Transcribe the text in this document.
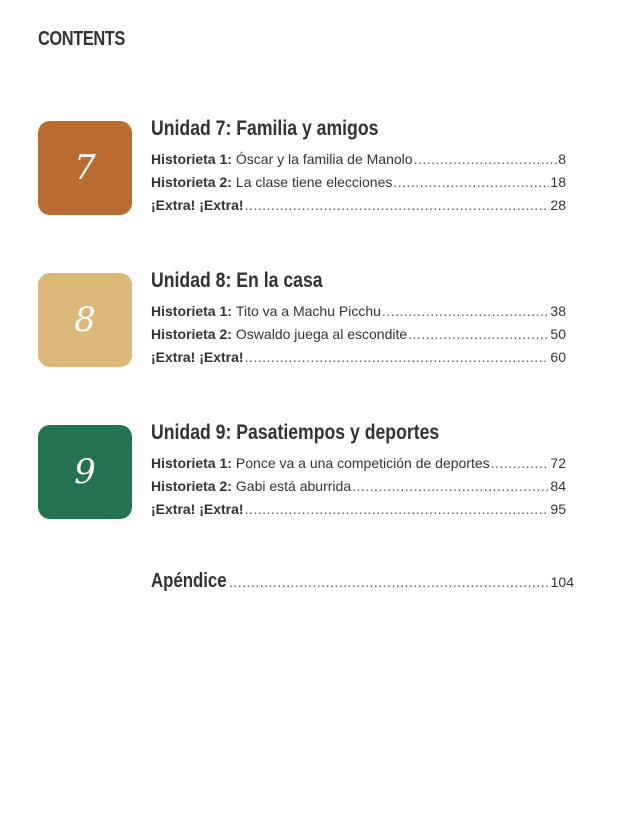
CONTENTS
7
Unidad 7: Familia y amigos
Historieta 1: Óscar y la familia de Manolo .....	8
Historieta 2: La clase tiene elecciones .....	18
¡Extra! ¡Extra! .....	28
8
Unidad 8: En la casa
Historieta 1: Tito va a Machu Picchu .....	38
Historieta 2: Oswaldo juega al escondite .....	50
¡Extra! ¡Extra! .....	60
9
Unidad 9: Pasatiempos y deportes
Historieta 1: Ponce va a una competición de deportes .....	72
Historieta 2: Gabi está aburrida .....	84
¡Extra! ¡Extra! .....	95
Apéndice .....	104
